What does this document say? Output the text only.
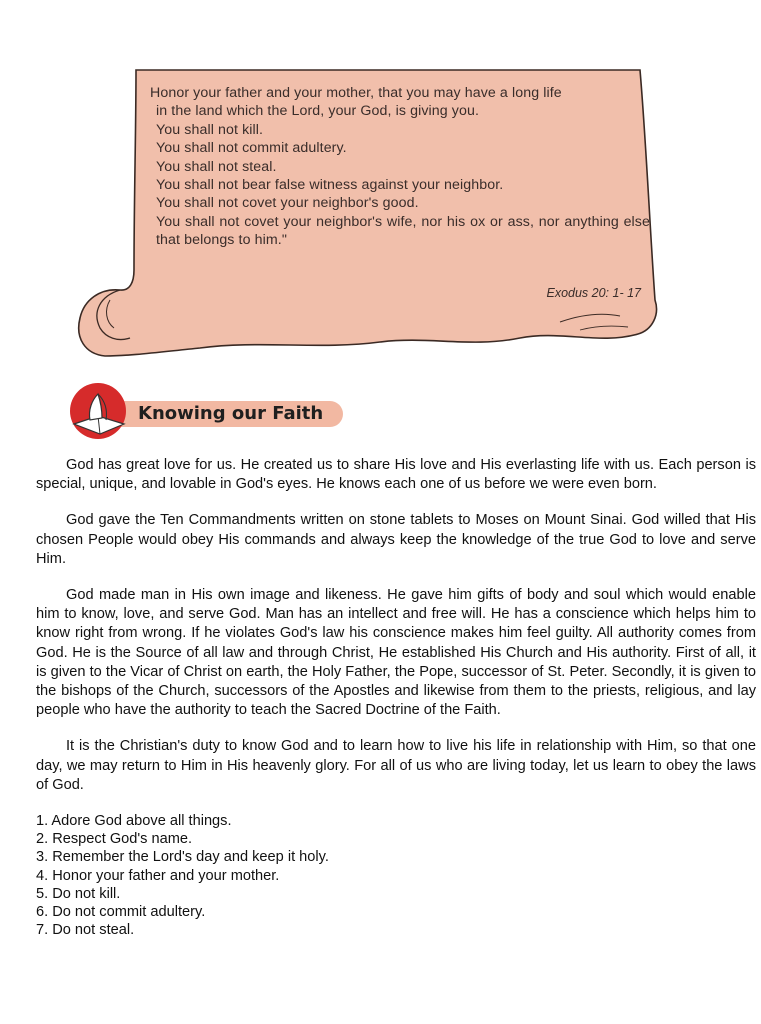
Honor your father and your mother, that you may have a long life

in the land which the Lord, your God, is giving you.

You shall not kill.

You shall not commit adultery.

You shall not steal.

You shall not bear false witness against your neighbor.

You shall not covet your neighbor's good.

You shall not covet your neighbor's wife, nor his ox or ass, nor anything else that belongs to him."

Exodus 20: 1- 17
Knowing our Faith

God has great love for us. He created us to share His love and His everlasting life with us. Each person is special, unique, and lovable in God's eyes. He knows each one of us before we were even born.

God gave the Ten Commandments written on stone tablets to Moses on Mount Sinai. God willed that His chosen People would obey His commands and always keep the knowledge of the true God to love and serve Him.

God made man in His own image and likeness. He gave him gifts of body and soul which would enable him to know, love, and serve God. Man has an intellect and free will. He has a conscience which helps him to know right from wrong. If he violates God's law his conscience makes him feel guilty. All authority comes from God. He is the Source of all law and through Christ, He established His Church and His authority. First of all, it is given to the Vicar of Christ on earth, the Holy Father, the Pope, successor of St. Peter. Secondly, it is given to the bishops of the Church, successors of the Apostles and likewise from them to the priests, religious, and lay people who have the authority to teach the Sacred Doctrine of the Faith.

It is the Christian's duty to know God and to learn how to live his life in relationship with Him, so that one day, we may return to Him in His heavenly glory. For all of us who are living today, let us learn to obey the laws of God.

1. Adore God above all things.
2. Respect God's name.
3. Remember the Lord's day and keep it holy.
4. Honor your father and your mother.
5. Do not kill.
6. Do not commit adultery.
7. Do not steal.
